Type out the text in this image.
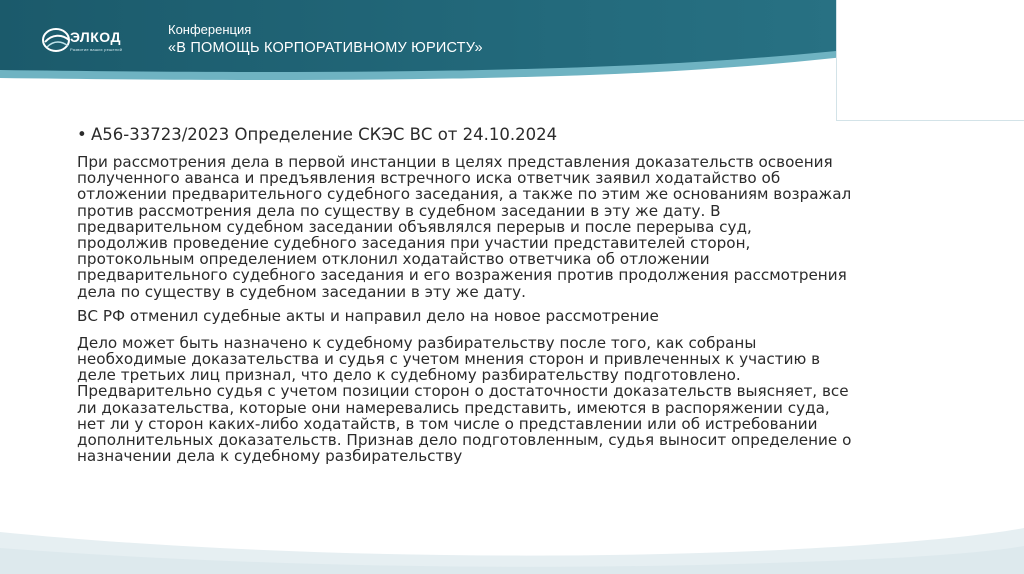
ЭЛКОД
Развитие ваших решений
Конференция
«В ПОМОЩЬ КОРПОРАТИВНОМУ ЮРИСТУ»
• А56-33723/2023 Определение СКЭС ВС от 24.10.2024
При рассмотрения дела в первой инстанции в целях представления доказательств освоения
полученного аванса и предъявления встречного иска ответчик заявил ходатайство об
отложении предварительного судебного заседания, а также по этим же основаниям возражал
против рассмотрения дела по существу в судебном заседании в эту же дату. В
предварительном судебном заседании объявлялся перерыв и после перерыва суд,
продолжив проведение судебного заседания при участии представителей сторон,
протокольным определением отклонил ходатайство ответчика об отложении
предварительного судебного заседания и его возражения против продолжения рассмотрения
дела по существу в судебном заседании в эту же дату.
ВС РФ отменил судебные акты и направил дело на новое рассмотрение
Дело может быть назначено к судебному разбирательству после того, как собраны
необходимые доказательства и судья с учетом мнения сторон и привлеченных к участию в
деле третьих лиц признал, что дело к судебному разбирательству подготовлено.
Предварительно судья с учетом позиции сторон о достаточности доказательств выясняет, все
ли доказательства, которые они намеревались представить, имеются в распоряжении суда,
нет ли у сторон каких-либо ходатайств, в том числе о представлении или об истребовании
дополнительных доказательств. Признав дело подготовленным, судья выносит определение о
назначении дела к судебному разбирательству
